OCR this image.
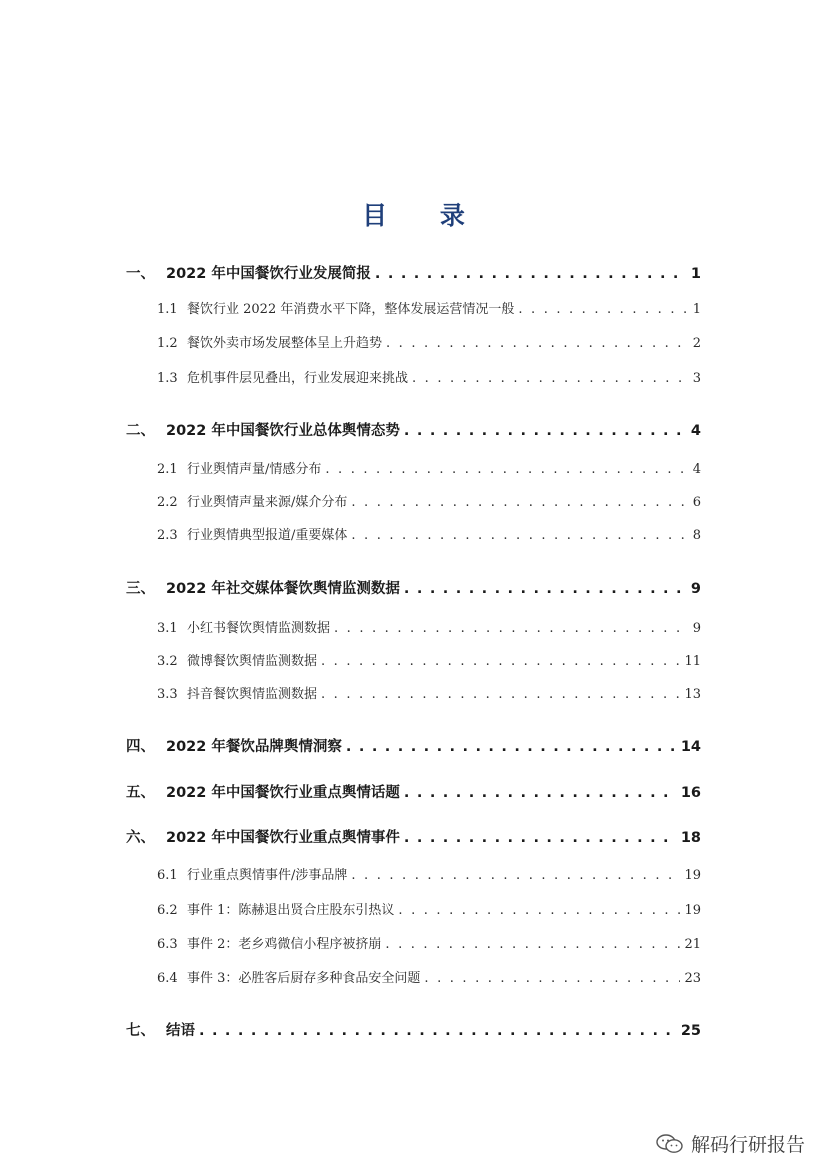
目 录
一、 2022 年中国餐饮行业发展简报 . . .	1
1.1 餐饮行业 2022 年消费水平下降，整体发展运营情况一般 . . .	1
1.2 餐饮外卖市场发展整体呈上升趋势 . . .	2
1.3 危机事件层见叠出，行业发展迎来挑战 . . .	3
二、 2022 年中国餐饮行业总体舆情态势 . . .	4
2.1 行业舆情声量/情感分布 . . .	4
2.2 行业舆情声量来源/媒介分布 . . .	6
2.3 行业舆情典型报道/重要媒体 . . .	8
三、 2022 年社交媒体餐饮舆情监测数据 . . .	9
3.1 小红书餐饮舆情监测数据 . . .	9
3.2 微博餐饮舆情监测数据 . . .	11
3.3 抖音餐饮舆情监测数据 . . .	13
四、 2022 年餐饮品牌舆情洞察 . . .	14
五、 2022 年中国餐饮行业重点舆情话题 . . .	16
六、 2022 年中国餐饮行业重点舆情事件 . . .	18
6.1 行业重点舆情事件/涉事品牌 . . .	19
6.2 事件 1：陈赫退出贤合庄股东引热议 . . .	19
6.3 事件 2：老乡鸡微信小程序被挤崩 . . .	21
6.4 事件 3：必胜客后厨存多种食品安全问题 . . .	23
七、 结语 . . .	25
解码行研报告
